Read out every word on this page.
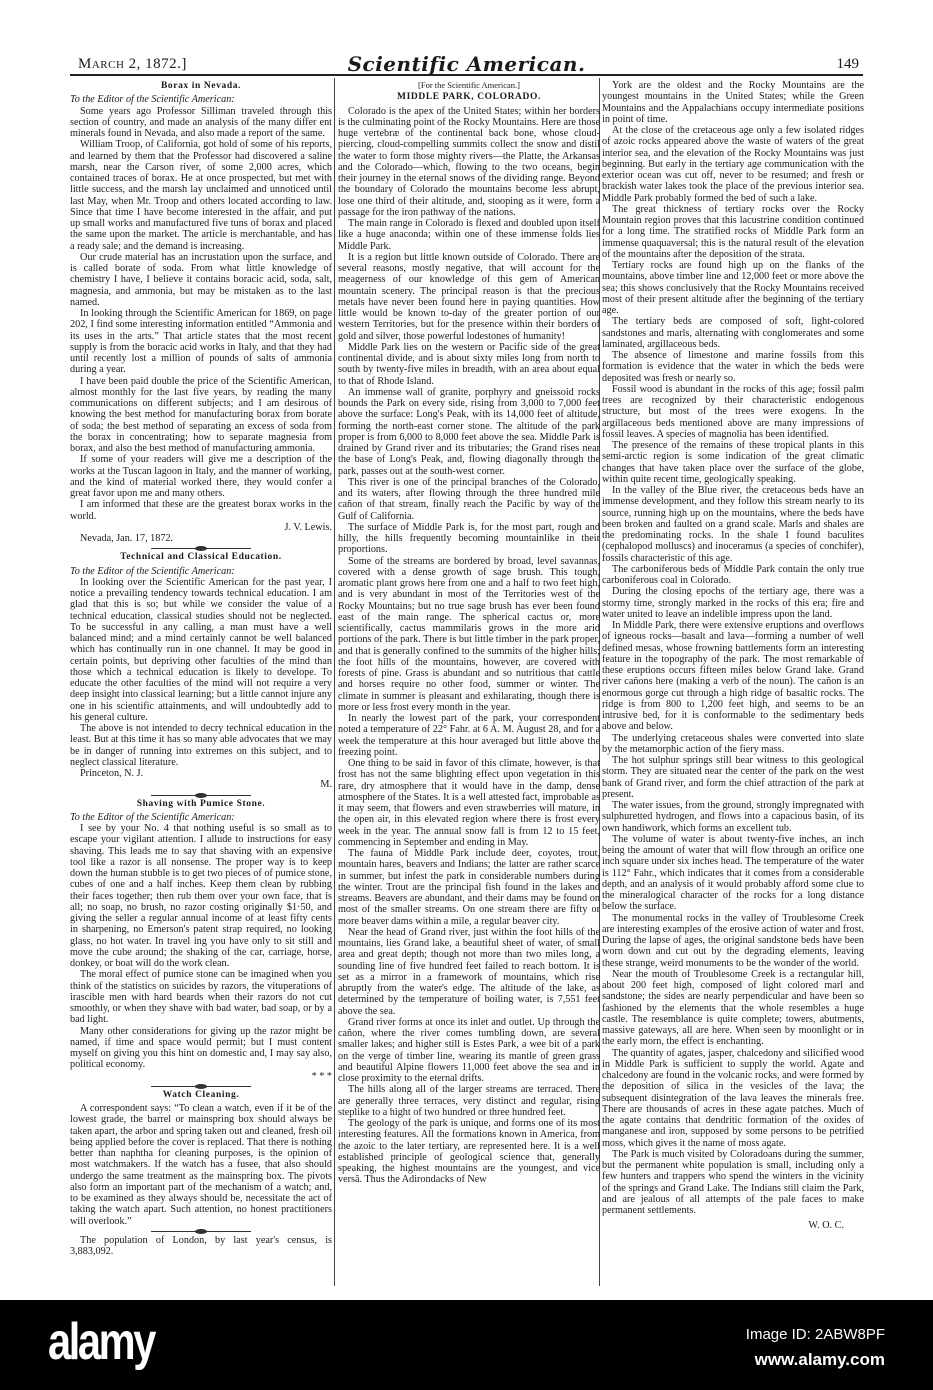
March 2, 1872.]	Scientific American.	149
Borax in Nevada.

To the Editor of the Scientific American:

Some years ago Professor Silliman traveled through this section of country, and made an analysis of the many differ ent minerals found in Nevada, and also made a report of the same.

William Troop, of California, got hold of some of his reports, and learned by them that the Professor had discovered a saline marsh, near the Carson river, of some 2,000 acres, which contained traces of borax. He at once prospected, but met with little success, and the marsh lay unclaimed and unnoticed until last May, when Mr. Troop and others located according to law. Since that time I have become interested in the affair, and put up small works and manufactured five tuns of borax and placed the same upon the market. The article is merchantable, and has a ready sale; and the demand is increasing.

Our crude material has an incrustation upon the surface, and is called borate of soda. From what little knowledge of chemistry I have, I believe it contains boracic acid, soda, salt, magnesia, and ammonia, but may be mistaken as to the last named.

In looking through the Scientific American for 1869, on page 202, I find some interesting information entitled “Ammonia and its uses in the arts.” That article states that the most recent supply is from the boracic acid works in Italy, and that they had until recently lost a million of pounds of salts of ammonia during a year.

I have been paid double the price of the Scientific American, almost monthly for the last five years, by reading the many communications on different subjects; and I am desirous of knowing the best method for manufacturing borax from borate of soda; the best method of separating an excess of soda from the borax in concentrating; how to separate magnesia from borax, and also the best method of manufacturing ammonia.

If some of your readers will give me a description of the works at the Tuscan lagoon in Italy, and the manner of working, and the kind of material worked there, they would confer a great favor upon me and many others.

I am informed that these are the greatest borax works in the world.

J. V. Lewis.

Nevada, Jan. 17, 1872.

Technical and Classical Education.

To the Editor of the Scientific American:

In looking over the Scientific American for the past year, I notice a prevailing tendency towards technical education. I am glad that this is so; but while we consider the value of a technical education, classical studies should not be neglected. To be successful in any calling, a man must have a well balanced mind; and a mind certainly cannot be well balanced which has continually run in one channel. It may be good in certain points, but depriving other faculties of the mind than those which a technical education is likely to develope. To educate the other faculties of the mind will not require a very deep insight into classical learning; but a little cannot injure any one in his scientific attainments, and will undoubtedly add to his general culture.

The above is not intended to decry technical education in the least. But at this time it has so many able advocates that we may be in danger of running into extremes on this subject, and to neglect classical literature.

Princeton, N. J.

M.

Shaving with Pumice Stone.

To the Editor of the Scientific American:

I see by your No. 4 that nothing useful is so small as to escape your vigilant attention. I allude to instructions for easy shaving. This leads me to say that shaving with an expensive tool like a razor is all nonsense. The proper way is to keep down the human stubble is to get two pieces of of pumice stone, cubes of one and a half inches. Keep them clean by rubbing their faces together; then rub them over your own face, that is all; no soap, no brush, no razor costing originally $1·50, and giving the seller a regular annual income of at least fifty cents in sharpening, no Emerson's patent strap required, no looking glass, no hot water. In travel ing you have only to sit still and move the cube around; the shaking of the car, carriage, horse, donkey, or boat will do the work clean.

The moral effect of pumice stone can be imagined when you think of the statistics on suicides by razors, the vituperations of irascible men with hard beards when their razors do not cut smoothly, or when they shave with bad water, bad soap, or by a bad light.

Many other considerations for giving up the razor might be named, if time and space would permit; but I must content myself on giving you this hint on domestic and, I may say also, political economy.

* * *

Watch Cleaning.

A correspondent says: “To clean a watch, even if it be of the lowest grade, the barrel or mainspring box should always be taken apart, the arbor and spring taken out and cleaned, fresh oil being applied before the cover is replaced. That there is nothing better than naphtha for cleaning purposes, is the opinion of most watchmakers. If the watch has a fusee, that also should undergo the same treatment as the mainspring box. The pivots also form an important part of the mechanism of a watch; and, to be examined as they always should be, necessitate the act of taking the watch apart. Such attention, no honest practitioners will overlook.”

The population of London, by last year's census, is 3,883,092.

[For the Scientific American.]

MIDDLE PARK, COLORADO.

Colorado is the apex of the United States; within her borders is the culminating point of the Rocky Mountains. Here are those huge vertebræ of the continental back bone, whose cloud-piercing, cloud-compelling summits collect the snow and distil the water to form those mighty rivers—the Platte, the Arkansas and the Colorado—which, flowing to the two oceans, begin their journey in the eternal snows of the dividing range. Beyond the boundary of Colorado the mountains become less abrupt, lose one third of their altitude, and, stooping as it were, form a passage for the iron pathway of the nations.

The main range in Colorado is flexed and doubled upon itself like a huge anaconda; within one of these immense folds lies Middle Park.

It is a region but little known outside of Colorado. There are several reasons, mostly negative, that will account for the meagerness of our knowledge of this gem of American mountain scenery. The principal reason is that the precious metals have never been found here in paying quantities. How little would be known to-day of the greater portion of our western Territories, but for the presence within their borders of gold and silver, those powerful lodestones of humanity!

Middle Park lies on the western or Pacific side of the great continental divide, and is about sixty miles long from north to south by twenty-five miles in breadth, with an area about equal to that of Rhode Island.

An immense wall of granite, porphyry and gneissoid rocks bounds the Park on every side, rising from 3,000 to 7,000 feet above the surface: Long's Peak, with its 14,000 feet of altitude, forming the north-east corner stone. The altitude of the park proper is from 6,000 to 8,000 feet above the sea. Middle Park is drained by Grand river and its tributaries; the Grand rises near the base of Long's Peak, and, flowing diagonally through the park, passes out at the south-west corner.

This river is one of the principal branches of the Colorado, and its waters, after flowing through the three hundred mile cañon of that stream, finally reach the Pacific by way of the Gulf of California.

The surface of Middle Park is, for the most part, rough and hilly, the hills frequently becoming mountainlike in their proportions.

Some of the streams are bordered by broad, level savannas, covered with a dense growth of sage brush. This tough, aromatic plant grows here from one and a half to two feet high, and is very abundant in most of the Territories west of the Rocky Mountains; but no true sage brush has ever been found east of the main range. The spherical cactus or, more scientifically, cactus mammilaris grows in the more arid portions of the park. There is but little timber in the park proper, and that is generally confined to the summits of the higher hills; the foot hills of the mountains, however, are covered with forests of pine. Grass is abundant and so nutritious that cattle and horses require no other food, summer or winter. The climate in summer is pleasant and exhilarating, though there is more or less frost every month in the year.

In nearly the lowest part of the park, your correspondent noted a temperature of 22° Fahr. at 6 A. M. August 28, and for a week the temperature at this hour averaged but little above the freezing point.

One thing to be said in favor of this climate, however, is that frost has not the same blighting effect upon vegetation in this rare, dry atmosphere that it would have in the damp, dense atmosphere of the States. It is a well attested fact, improbable as it may seem, that flowers and even strawberries will mature, in the open air, in this elevated region where there is frost every week in the year. The annual snow fall is from 12 to 15 feet, commencing in September and ending in May.

The fauna of Middle Park include deer, coyotes, trout, mountain hares, beavers and Indians; the latter are rather scarce in summer, but infest the park in considerable numbers during the winter. Trout are the principal fish found in the lakes and streams. Beavers are abundant, and their dams may be found on most of the smaller streams. On one stream there are fifty or more beaver dams within a mile, a regular beaver city.

Near the head of Grand river, just within the foot hills of the mountains, lies Grand lake, a beautiful sheet of water, of small area and great depth; though not more than two miles long, a sounding line of five hundred feet failed to reach bottom. It is set as a mirror in a framework of mountains, which rise abruptly from the water's edge. The altitude of the lake, as determined by the temperature of boiling water, is 7,551 feet above the sea.

Grand river forms at once its inlet and outlet. Up through the cañon, where the river comes tumbling down, are several smaller lakes; and higher still is Estes Park, a wee bit of a park on the verge of timber line, wearing its mantle of green grass and beautiful Alpine flowers 11,000 feet above the sea and in close proximity to the eternal drifts.

The hills along all of the larger streams are terraced. There are generally three terraces, very distinct and regular, rising steplike to a hight of two hundred or three hundred feet.

The geology of the park is unique, and forms one of its most interesting features. All the formations known in America, from the azoic to the later tertiary, are represented here. It is a well established principle of geological science that, generally speaking, the highest mountains are the youngest, and vice versâ. Thus the Adirondacks of New

York are the oldest and the Rocky Mountains are the youngest mountains in the United States; while the Green Mountains and the Appalachians occupy intermediate positions in point of time.

At the close of the cretaceous age only a few isolated ridges of azoic rocks appeared above the waste of waters of the great interior sea, and the elevation of the Rocky Mountains was just beginning. But early in the tertiary age communication with the exterior ocean was cut off, never to be resumed; and fresh or brackish water lakes took the place of the previous interior sea. Middle Park probably formed the bed of such a lake.

The great thickness of tertiary rocks over the Rocky Mountain region proves that this lacustrine condition continued for a long time. The stratified rocks of Middle Park form an immense quaquaversal; this is the natural result of the elevation of the mountains after the deposition of the strata.

Tertiary rocks are found high up on the flanks of the mountains, above timber line and 12,000 feet or more above the sea; this shows conclusively that the Rocky Mountains received most of their present altitude after the beginning of the tertiary age.

The tertiary beds are composed of soft, light-colored sandstones and marls, alternating with conglomerates and some laminated, argillaceous beds.

The absence of limestone and marine fossils from this formation is evidence that the water in which the beds were deposited was fresh or nearly so.

Fossil wood is abundant in the rocks of this age; fossil palm trees are recognized by their characteristic endogenous structure, but most of the trees were exogens. In the argillaceous beds mentioned above are many impressions of fossil leaves. A species of magnolia has been identified.

The presence of the remains of these tropical plants in this semi-arctic region is some indication of the great climatic changes that have taken place over the surface of the globe, within quite recent time, geologically speaking.

In the valley of the Blue river, the cretaceous beds have an immense development, and they follow this stream nearly to its source, running high up on the mountains, where the beds have been broken and faulted on a grand scale. Marls and shales are the predominating rocks. In the shale I found baculites (cephalopod molluscs) and inoceramus (a species of conchifer), fossils characteristic of this age.

The carboniferous beds of Middle Park contain the only true carboniferous coal in Colorado.

During the closing epochs of the tertiary age, there was a stormy time, strongly marked in the rocks of this era; fire and water united to leave an indelible impress upon the land.

In Middle Park, there were extensive eruptions and overflows of igneous rocks—basalt and lava—forming a number of well defined mesas, whose frowning battlements form an interesting feature in the topography of the park. The most remarkable of these eruptions occurs fifteen miles below Grand lake. Grand river cañons here (making a verb of the noun). The cañon is an enormous gorge cut through a high ridge of basaltic rocks. The ridge is from 800 to 1,200 feet high, and seems to be an intrusive bed, for it is conformable to the sedimentary beds above and below.

The underlying cretaceous shales were converted into slate by the metamorphic action of the fiery mass.

The hot sulphur springs still bear witness to this geological storm. They are situated near the center of the park on the west bank of Grand river, and form the chief attraction of the park at present.

The water issues, from the ground, strongly impregnated with sulphuretted hydrogen, and flows into a capacious basin, of its own handiwork, which forms an excellent tub.

The volume of water is about twenty-five inches, an inch being the amount of water that will flow through an orifice one inch square under six inches head. The temperature of the water is 112° Fahr., which indicates that it comes from a considerable depth, and an analysis of it would probably afford some clue to the mineralogical character of the rocks for a long distance below the surface.

The monumental rocks in the valley of Troublesome Creek are interesting examples of the erosive action of water and frost. During the lapse of ages, the original sandstone beds have been worn down and cut out by the degrading elements, leaving these strange, weird monuments to be the wonder of the world.

Near the mouth of Troublesome Creek is a rectangular hill, about 200 feet high, composed of light colored marl and sandstone; the sides are nearly perpendicular and have been so fashioned by the elements that the whole resembles a huge castle. The resemblance is quite complete; towers, abutments, massive gateways, all are here. When seen by moonlight or in the early morn, the effect is enchanting.

The quantity of agates, jasper, chalcedony and silicified wood in Middle Park is sufficient to supply the world. Agate and chalcedony are found in the volcanic rocks, and were formed by the deposition of silica in the vesicles of the lava; the subsequent disintegration of the lava leaves the minerals free. There are thousands of acres in these agate patches. Much of the agate contains that dendritic formation of the oxides of manganese and iron, supposed by some persons to be petrified moss, which gives it the name of moss agate.

The Park is much visited by Coloradoans during the summer, but the permanent white population is small, including only a few hunters and trappers who spend the winters in the vicinity of the springs and Grand Lake. The Indians still claim the Park, and are jealous of all attempts of the pale faces to make permanent settlements.

W. O. C.

alamy	Image ID: 2ABW8PF
www.alamy.com
